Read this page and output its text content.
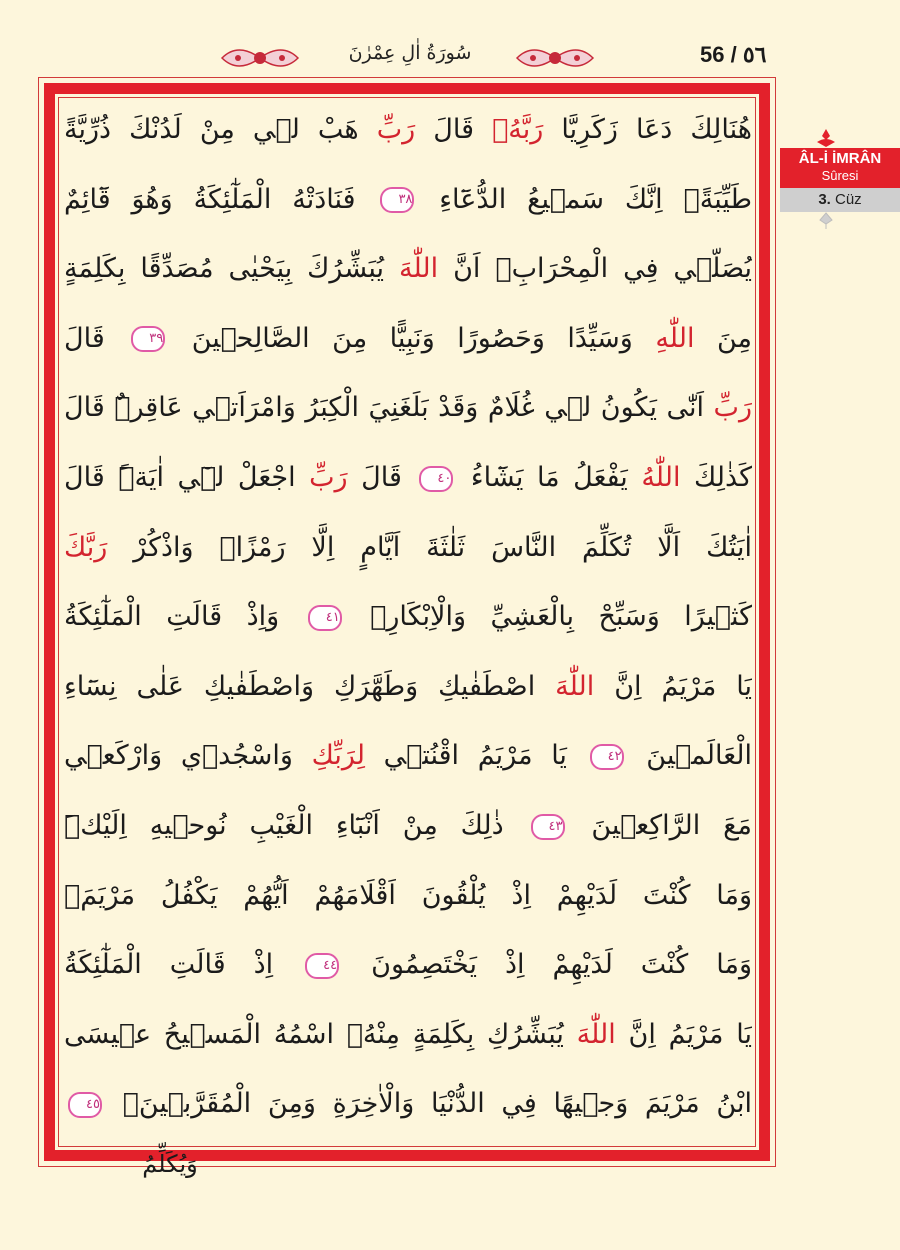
سُورَةُ اٰلِ عِمْرٰنَ	56 / ٥٦
هُنَالِكَ دَعَا زَكَرِيَّا رَبَّهُۚ قَالَ رَبِّ هَبْ لٖي مِنْ لَدُنْكَ ذُرِّيَّةً
طَيِّبَةًۚ اِنَّكَ سَمٖيعُ الدُّعَٓاءِ ٣٨ فَنَادَتْهُ الْمَلٰٓئِكَةُ وَهُوَ قَٓائِمٌ
يُصَلّٖي فِي الْمِحْرَابِۙ اَنَّ اللّٰهَ يُبَشِّرُكَ بِيَحْيٰى مُصَدِّقًا بِكَلِمَةٍ
مِنَ اللّٰهِ وَسَيِّدًا وَحَصُورًا وَنَبِيًّا مِنَ الصَّالِحٖينَ ٣٩ قَالَ
رَبِّ اَنّٰى يَكُونُ لٖي غُلَامٌ وَقَدْ بَلَغَنِيَ الْكِبَرُ وَامْرَاَتٖي عَاقِرٌۜ قَالَ
كَذٰلِكَ اللّٰهُ يَفْعَلُ مَا يَشَٓاءُ ٤٠ قَالَ رَبِّ اجْعَلْ لٖٓي اٰيَةًۜ قَالَ
اٰيَتُكَ اَلَّا تُكَلِّمَ النَّاسَ ثَلٰثَةَ اَيَّامٍ اِلَّا رَمْزًاۜ وَاذْكُرْ رَبَّكَ
كَثٖيرًا وَسَبِّحْ بِالْعَشِيِّ وَالْاِبْكَارِۚ ٤١ وَاِذْ قَالَتِ الْمَلٰٓئِكَةُ
يَا مَرْيَمُ اِنَّ اللّٰهَ اصْطَفٰيكِ وَطَهَّرَكِ وَاصْطَفٰيكِ عَلٰى نِسَٓاءِ
الْعَالَمٖينَ ٤٢ يَا مَرْيَمُ اقْنُتٖي لِرَبِّكِ وَاسْجُدٖي وَارْكَعٖي
مَعَ الرَّاكِعٖينَ ٤٣ ذٰلِكَ مِنْ اَنْبَٓاءِ الْغَيْبِ نُوحٖيهِ اِلَيْكَۜ
وَمَا كُنْتَ لَدَيْهِمْ اِذْ يُلْقُونَ اَقْلَامَهُمْ اَيُّهُمْ يَكْفُلُ مَرْيَمَۖ
وَمَا كُنْتَ لَدَيْهِمْ اِذْ يَخْتَصِمُونَ ٤٤ اِذْ قَالَتِ الْمَلٰٓئِكَةُ
يَا مَرْيَمُ اِنَّ اللّٰهَ يُبَشِّرُكِ بِكَلِمَةٍ مِنْهُۙ اسْمُهُ الْمَسٖيحُ عٖيسَى
ابْنُ مَرْيَمَ وَجٖيهًا فِي الدُّنْيَا وَالْاٰخِرَةِ وَمِنَ الْمُقَرَّبٖينَۙ ٤٥
وَيُكَلِّمُ
ÂL-İ İMRÂN
Sûresi
3. Cüz
